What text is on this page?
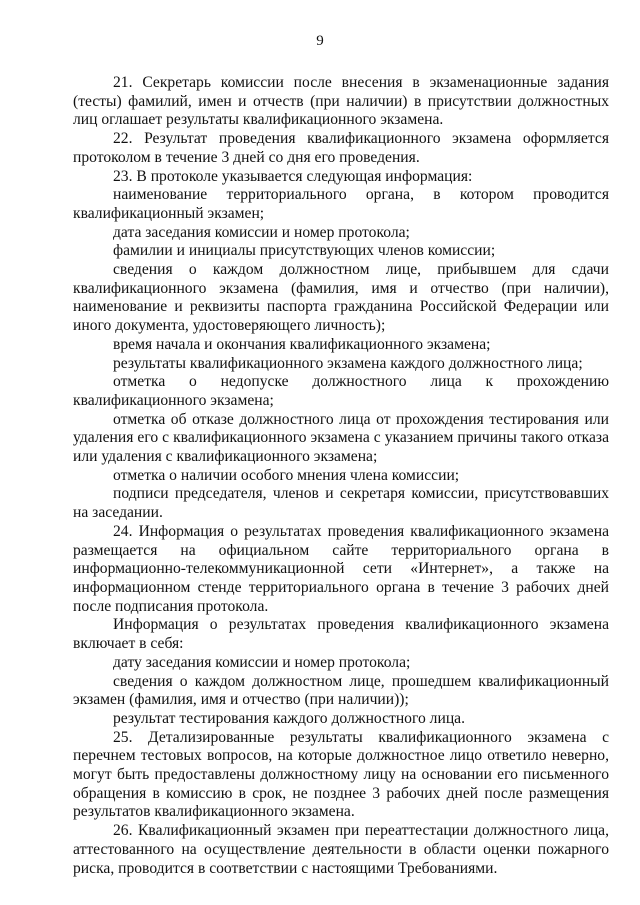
9

21. Секретарь комиссии после внесения в экзаменационные задания (тесты) фамилий, имен и отчеств (при наличии) в присутствии должностных лиц оглашает результаты квалификационного экзамена.

22. Результат проведения квалификационного экзамена оформляется протоколом в течение 3 дней со дня его проведения.

23. В протоколе указывается следующая информация:

наименование территориального органа, в котором проводится квалификационный экзамен;

дата заседания комиссии и номер протокола;

фамилии и инициалы присутствующих членов комиссии;

сведения о каждом должностном лице, прибывшем для сдачи квалификационного экзамена (фамилия, имя и отчество (при наличии), наименование и реквизиты паспорта гражданина Российской Федерации или иного документа, удостоверяющего личность);

время начала и окончания квалификационного экзамена;

результаты квалификационного экзамена каждого должностного лица;

отметка о недопуске должностного лица к прохождению квалификационного экзамена;

отметка об отказе должностного лица от прохождения тестирования или удаления его с квалификационного экзамена с указанием причины такого отказа или удаления с квалификационного экзамена;

отметка о наличии особого мнения члена комиссии;

подписи председателя, членов и секретаря комиссии, присутствовавших на заседании.

24. Информация о результатах проведения квалификационного экзамена размещается на официальном сайте территориального органа в информационно-телекоммуникационной сети «Интернет», а также на информационном стенде территориального органа в течение 3 рабочих дней после подписания протокола.

Информация о результатах проведения квалификационного экзамена включает в себя:

дату заседания комиссии и номер протокола;

сведения о каждом должностном лице, прошедшем квалификационный экзамен (фамилия, имя и отчество (при наличии));

результат тестирования каждого должностного лица.

25. Детализированные результаты квалификационного экзамена с перечнем тестовых вопросов, на которые должностное лицо ответило неверно, могут быть предоставлены должностному лицу на основании его письменного обращения в комиссию в срок, не позднее 3 рабочих дней после размещения результатов квалификационного экзамена.

26. Квалификационный экзамен при переаттестации должностного лица, аттестованного на осуществление деятельности в области оценки пожарного риска, проводится в соответствии с настоящими Требованиями.
